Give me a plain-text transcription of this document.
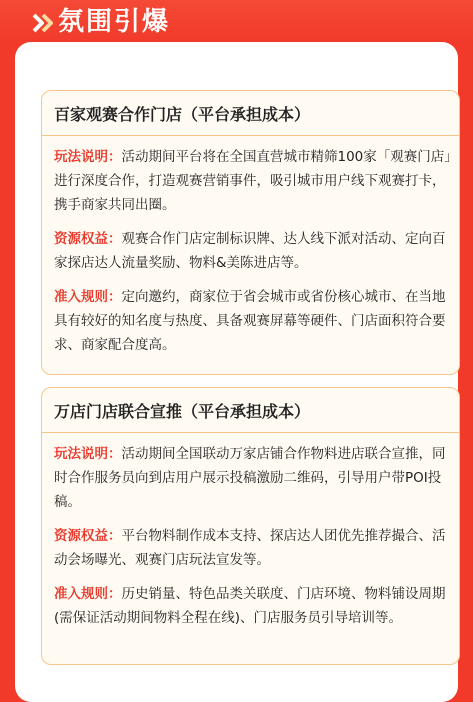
氛围引爆
百家观赛合作门店（平台承担成本）

玩法说明：活动期间平台将在全国直营城市精筛100家「观赛门店」进行深度合作，打造观赛营销事件，吸引城市用户线下观赛打卡，携手商家共同出圈。

资源权益：观赛合作门店定制标识牌、达人线下派对活动、定向百家探店达人流量奖励、物料&美陈进店等。

准入规则：定向邀约，商家位于省会城市或省份核心城市、在当地具有较好的知名度与热度、具备观赛屏幕等硬件、门店面积符合要求、商家配合度高。

万店门店联合宣推（平台承担成本）

玩法说明：活动期间全国联动万家店铺合作物料进店联合宣推，同时合作服务员向到店用户展示投稿激励二维码，引导用户带POI投稿。

资源权益：平台物料制作成本支持、探店达人团优先推荐撮合、活动会场曝光、观赛门店玩法宣发等。

准入规则：历史销量、特色品类关联度、门店环境、物料铺设周期(需保证活动期间物料全程在线)、门店服务员引导培训等。
